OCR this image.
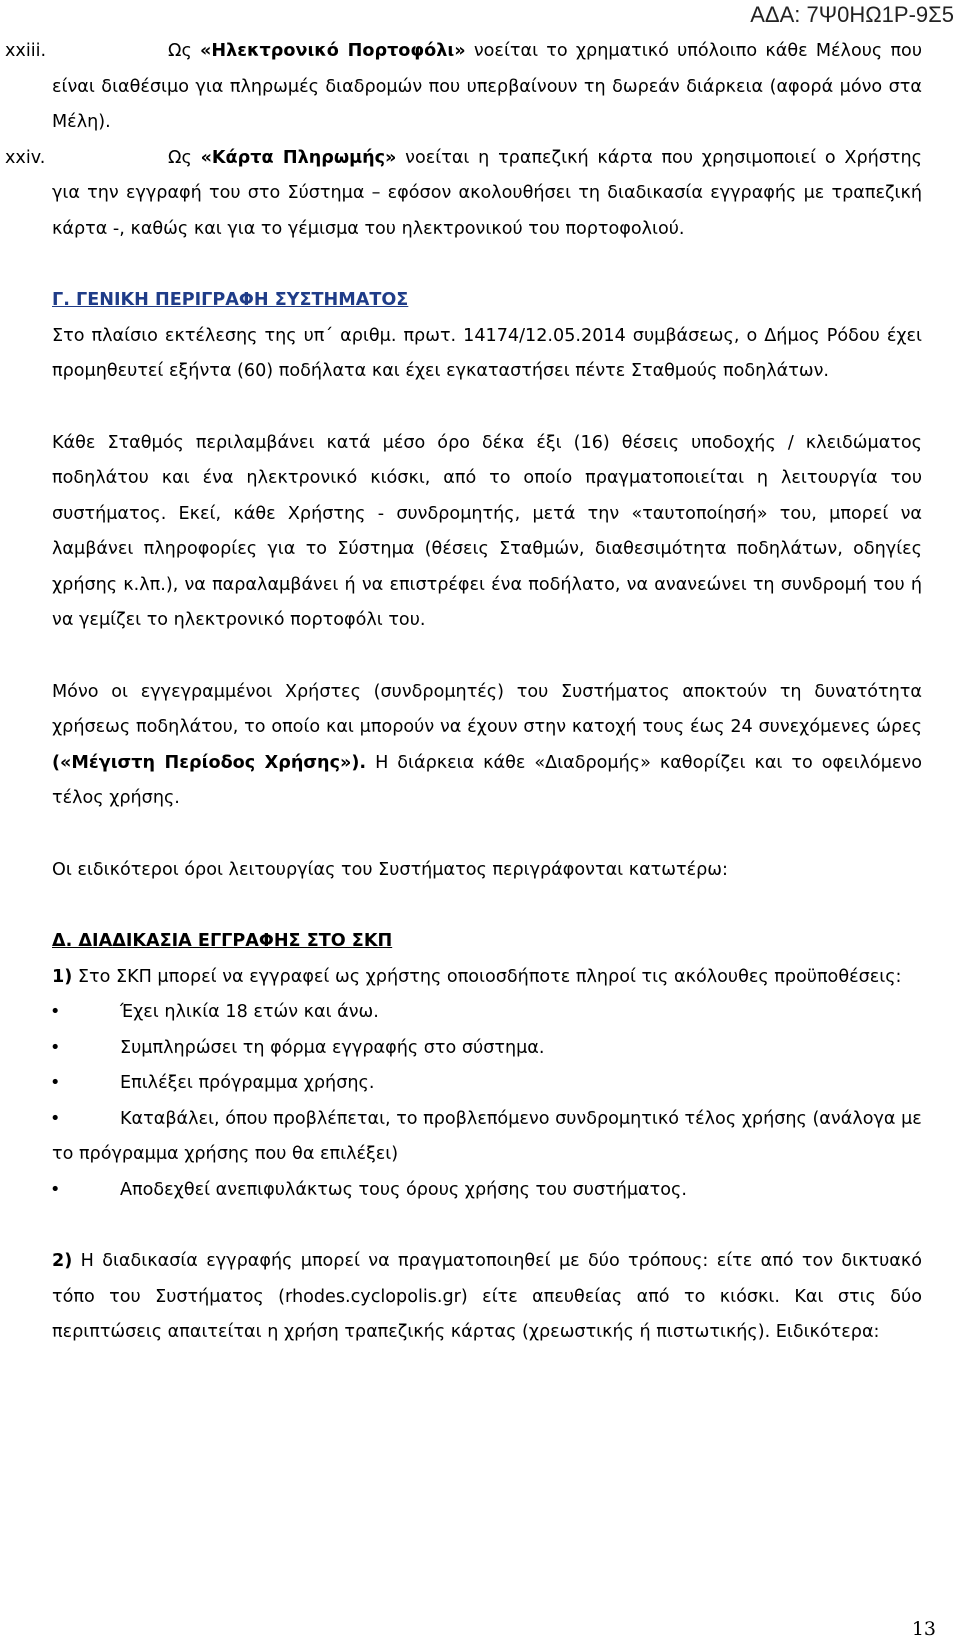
ΑΔΑ: 7Ψ0ΗΩ1Ρ-9Σ5

xxiii.	Ως «Ηλεκτρονικό Πορτοφόλι» νοείται το χρηματικό υπόλοιπο κάθε Μέλους που είναι διαθέσιμο για πληρωμές διαδρομών που υπερβαίνουν τη δωρεάν διάρκεια (αφορά μόνο στα Μέλη).

xxiv.	Ως «Κάρτα Πληρωμής» νοείται η τραπεζική κάρτα που χρησιμοποιεί ο Χρήστης για την εγγραφή του στο Σύστημα – εφόσον ακολουθήσει τη διαδικασία εγγραφής με τραπεζική κάρτα -, καθώς και για το γέμισμα του ηλεκτρονικού του πορτοφολιού.

Γ. ΓΕΝΙΚΗ ΠΕΡΙΓΡΑΦΗ ΣΥΣΤΗΜΑΤΟΣ

Στο πλαίσιο εκτέλεσης της υπ΄ αριθμ. πρωτ. 14174/12.05.2014 συμβάσεως, ο Δήμος Ρόδου έχει προμηθευτεί εξήντα (60) ποδήλατα και έχει εγκαταστήσει πέντε Σταθμούς ποδηλάτων.

Κάθε Σταθμός περιλαμβάνει κατά μέσο όρο δέκα έξι (16) θέσεις υποδοχής / κλειδώματος ποδηλάτου και ένα ηλεκτρονικό κιόσκι, από το οποίο πραγματοποιείται η λειτουργία του συστήματος. Εκεί, κάθε Χρήστης - συνδρομητής, μετά την «ταυτοποίησή» του, μπορεί να λαμβάνει πληροφορίες για το Σύστημα (θέσεις Σταθμών, διαθεσιμότητα ποδηλάτων, οδηγίες χρήσης κ.λπ.), να παραλαμβάνει ή να επιστρέφει ένα ποδήλατο, να ανανεώνει τη συνδρομή του ή να γεμίζει το ηλεκτρονικό πορτοφόλι του.

Μόνο οι εγγεγραμμένοι Χρήστες (συνδρομητές) του Συστήματος αποκτούν τη δυνατότητα χρήσεως ποδηλάτου, το οποίο και μπορούν να έχουν στην κατοχή τους έως 24 συνεχόμενες ώρες («Μέγιστη Περίοδος Χρήσης»). Η διάρκεια κάθε «Διαδρομής» καθορίζει και το οφειλόμενο τέλος χρήσης.

Οι ειδικότεροι όροι λειτουργίας του Συστήματος περιγράφονται κατωτέρω:

Δ. ΔΙΑΔΙΚΑΣΙΑ ΕΓΓΡΑΦΗΣ ΣΤΟ ΣΚΠ

1) Στο ΣΚΠ μπορεί να εγγραφεί ως χρήστης οποιοσδήποτε πληροί τις ακόλουθες προϋποθέσεις:

•	Έχει ηλικία 18 ετών και άνω.
•	Συμπληρώσει τη φόρμα εγγραφής στο σύστημα.
•	Επιλέξει πρόγραμμα χρήσης.
•	Καταβάλει, όπου προβλέπεται, το προβλεπόμενο συνδρομητικό τέλος χρήσης (ανάλογα με το πρόγραμμα χρήσης που θα επιλέξει)
•	Αποδεχθεί ανεπιφυλάκτως τους όρους χρήσης του συστήματος.

2) Η διαδικασία εγγραφής μπορεί να πραγματοποιηθεί με δύο τρόπους: είτε από τον δικτυακό τόπο του Συστήματος (rhodes.cyclopolis.gr) είτε απευθείας από το κιόσκι. Και στις δύο περιπτώσεις απαιτείται η χρήση τραπεζικής κάρτας (χρεωστικής ή πιστωτικής). Ειδικότερα:

13
